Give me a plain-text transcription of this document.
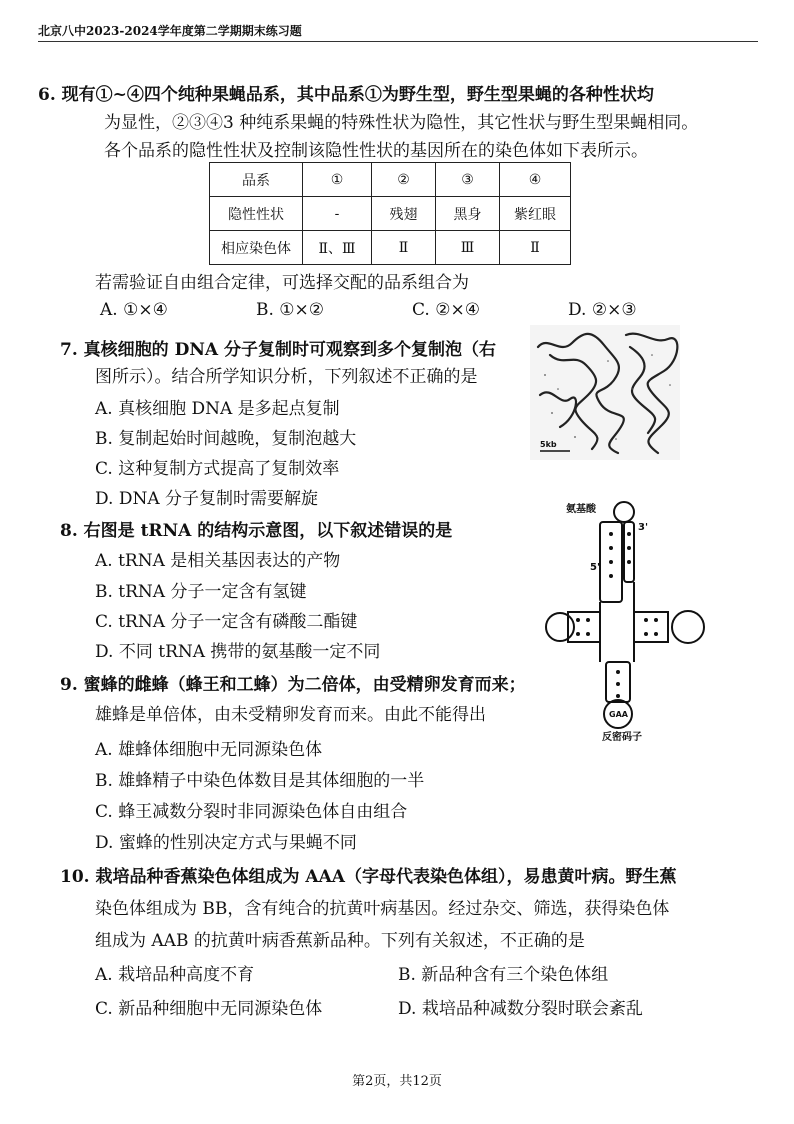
北京八中2023-2024学年度第二学期期末练习题
6. 现有①~④四个纯种果蝇品系，其中品系①为野生型，野生型果蝇的各种性状均
为显性，②③④3 种纯系果蝇的特殊性状为隐性，其它性状与野生型果蝇相同。
各个品系的隐性性状及控制该隐性性状的基因所在的染色体如下表所示。
品系	①	②	③	④
隐性性状	-	残翅	黑身	紫红眼
相应染色体	Ⅱ、Ⅲ	Ⅱ	Ⅲ	Ⅱ
若需验证自由组合定律，可选择交配的品系组合为
A. ①×④	B. ①×②	C. ②×④	D. ②×③
7. 真核细胞的 DNA 分子复制时可观察到多个复制泡（右
图所示）。结合所学知识分析，下列叙述不正确的是
A. 真核细胞 DNA 是多起点复制
B. 复制起始时间越晚，复制泡越大
C. 这种复制方式提高了复制效率
D. DNA 分子复制时需要解旋
5kb
8. 右图是 tRNA 的结构示意图，以下叙述错误的是
A. tRNA 是相关基因表达的产物
B. tRNA 分子一定含有氢键
C. tRNA 分子一定含有磷酸二酯键
D. 不同 tRNA 携带的氨基酸一定不同
氨基酸
3'
5'
GAA
反密码子
9. 蜜蜂的雌蜂（蜂王和工蜂）为二倍体，由受精卵发育而来；
雄蜂是单倍体，由未受精卵发育而来。由此不能得出
A. 雄蜂体细胞中无同源染色体
B. 雄蜂精子中染色体数目是其体细胞的一半
C. 蜂王减数分裂时非同源染色体自由组合
D. 蜜蜂的性别决定方式与果蝇不同
10. 栽培品种香蕉染色体组成为 AAA（字母代表染色体组），易患黄叶病。野生蕉
染色体组成为 BB，含有纯合的抗黄叶病基因。经过杂交、筛选，获得染色体
组成为 AAB 的抗黄叶病香蕉新品种。下列有关叙述，不正确的是
A. 栽培品种高度不育	B. 新品种含有三个染色体组
C. 新品种细胞中无同源染色体	D. 栽培品种减数分裂时联会紊乱
第2页，共12页
